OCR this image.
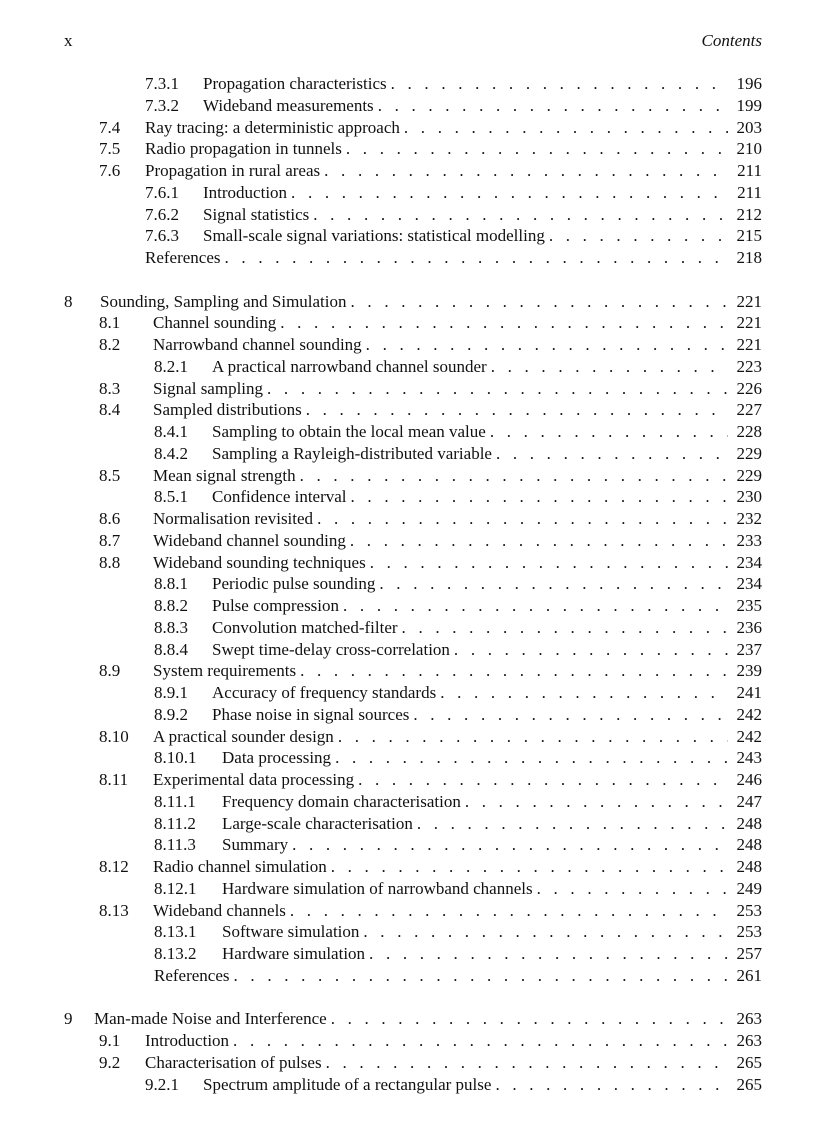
x	Contents
7.3.1	Propagation characteristics . . .	196
7.3.2	Wideband measurements . . .	199
7.4	Ray tracing: a deterministic approach . . .	203
7.5	Radio propagation in tunnels . . .	210
7.6	Propagation in rural areas . . .	211
7.6.1	Introduction . . .	211
7.6.2	Signal statistics . . .	212
7.6.3	Small-scale signal variations: statistical modelling . . .	215
References . . .	218
8	Sounding, Sampling and Simulation . . .	221
8.1	Channel sounding . . .	221
8.2	Narrowband channel sounding . . .	221
8.2.1	A practical narrowband channel sounder . . .	223
8.3	Signal sampling . . .	226
8.4	Sampled distributions . . .	227
8.4.1	Sampling to obtain the local mean value . . .	228
8.4.2	Sampling a Rayleigh-distributed variable . . .	229
8.5	Mean signal strength . . .	229
8.5.1	Confidence interval . . .	230
8.6	Normalisation revisited . . .	232
8.7	Wideband channel sounding . . .	233
8.8	Wideband sounding techniques . . .	234
8.8.1	Periodic pulse sounding . . .	234
8.8.2	Pulse compression . . .	235
8.8.3	Convolution matched-filter . . .	236
8.8.4	Swept time-delay cross-correlation . . .	237
8.9	System requirements . . .	239
8.9.1	Accuracy of frequency standards . . .	241
8.9.2	Phase noise in signal sources . . .	242
8.10	A practical sounder design . . .	242
8.10.1	Data processing . . .	243
8.11	Experimental data processing . . .	246
8.11.1	Frequency domain characterisation . . .	247
8.11.2	Large-scale characterisation . . .	248
8.11.3	Summary . . .	248
8.12	Radio channel simulation . . .	248
8.12.1	Hardware simulation of narrowband channels . . .	249
8.13	Wideband channels . . .	253
8.13.1	Software simulation . . .	253
8.13.2	Hardware simulation . . .	257
References . . .	261
9	Man-made Noise and Interference . . .	263
9.1	Introduction . . .	263
9.2	Characterisation of pulses . . .	265
9.2.1	Spectrum amplitude of a rectangular pulse . . .	265
